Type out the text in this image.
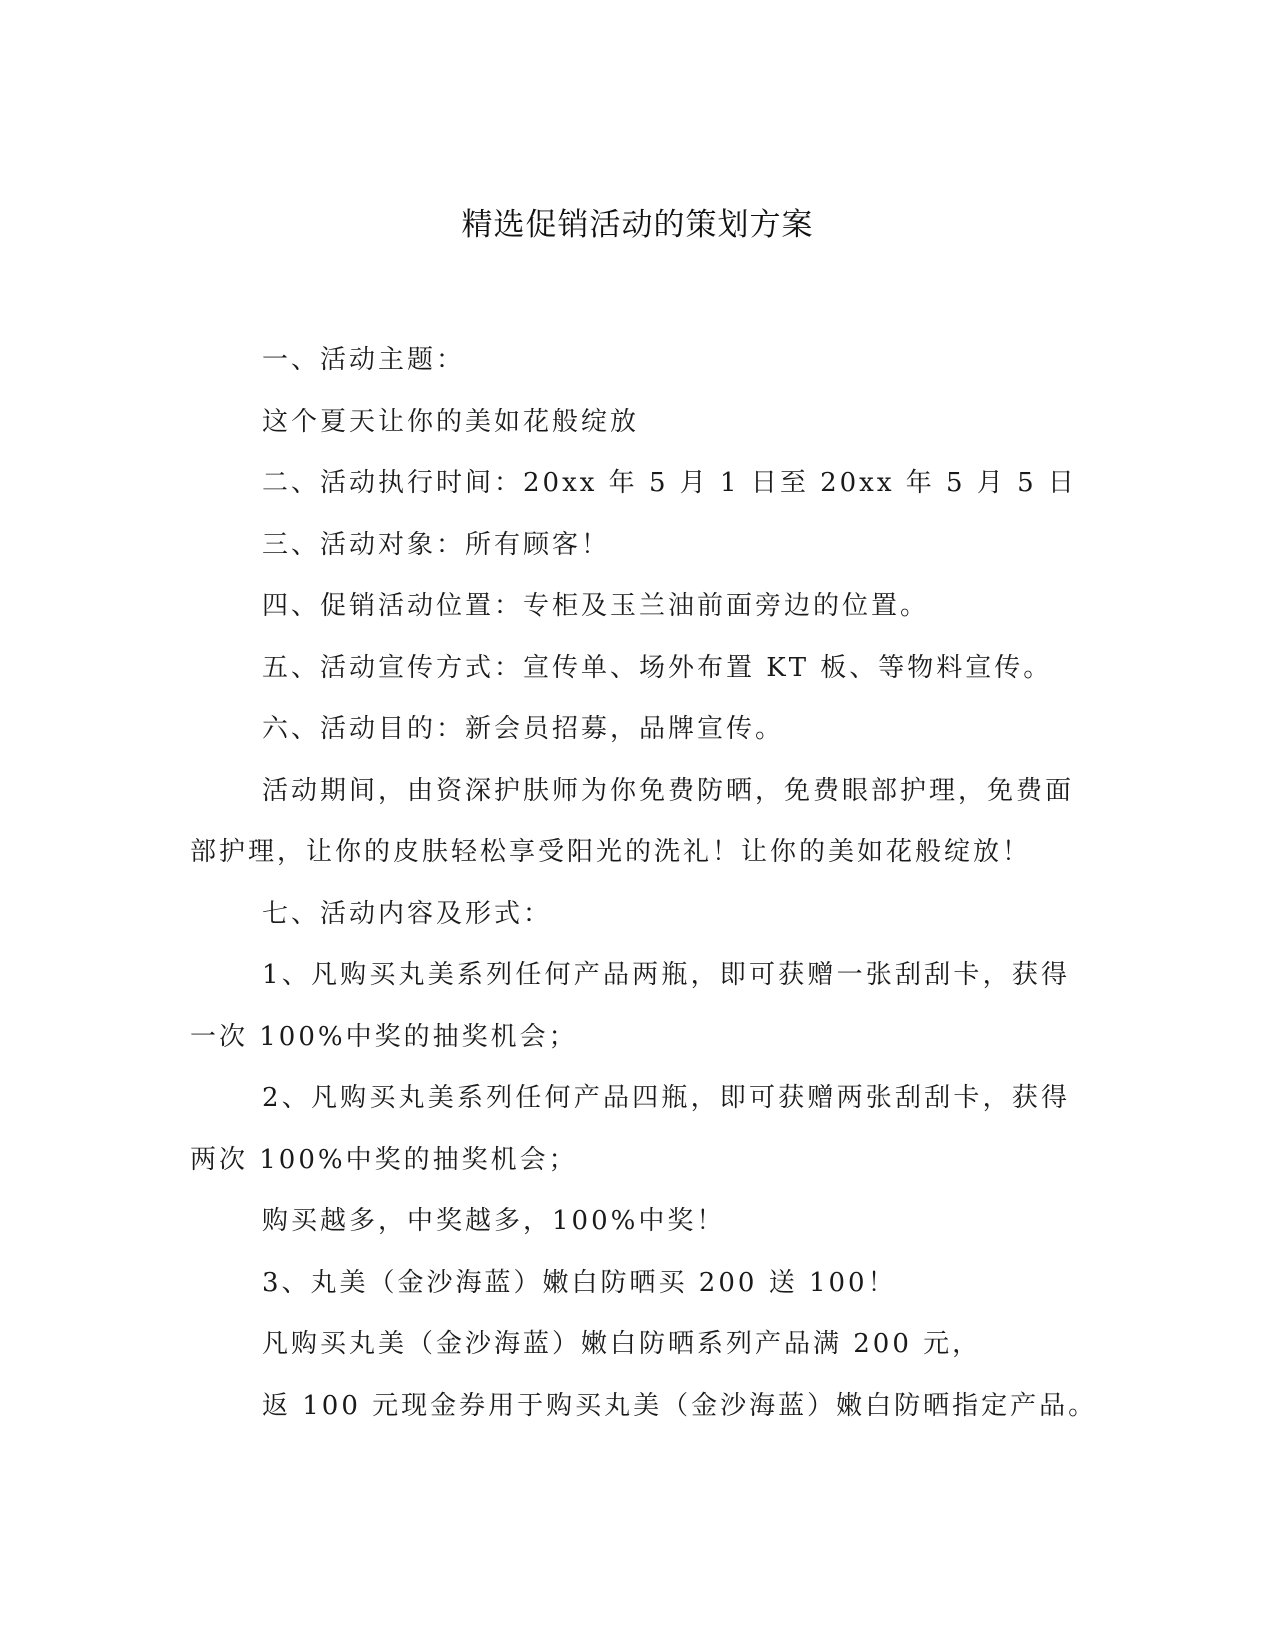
精选促销活动的策划方案
一、活动主题：
这个夏天让你的美如花般绽放
二、活动执行时间：20xx 年 5 月 1 日至 20xx 年 5 月 5 日
三、活动对象：所有顾客！
四、促销活动位置：专柜及玉兰油前面旁边的位置。
五、活动宣传方式：宣传单、场外布置 KT 板、等物料宣传。
六、活动目的：新会员招募，品牌宣传。
活动期间，由资深护肤师为你免费防晒，免费眼部护理，免费面
部护理，让你的皮肤轻松享受阳光的洗礼！让你的美如花般绽放！
七、活动内容及形式：
1、凡购买丸美系列任何产品两瓶，即可获赠一张刮刮卡，获得
一次 100%中奖的抽奖机会；
2、凡购买丸美系列任何产品四瓶，即可获赠两张刮刮卡，获得
两次 100%中奖的抽奖机会；
购买越多，中奖越多，100%中奖！
3、丸美（金沙海蓝）嫩白防晒买 200 送 100！
凡购买丸美（金沙海蓝）嫩白防晒系列产品满 200 元，
返 100 元现金券用于购买丸美（金沙海蓝）嫩白防晒指定产品。
